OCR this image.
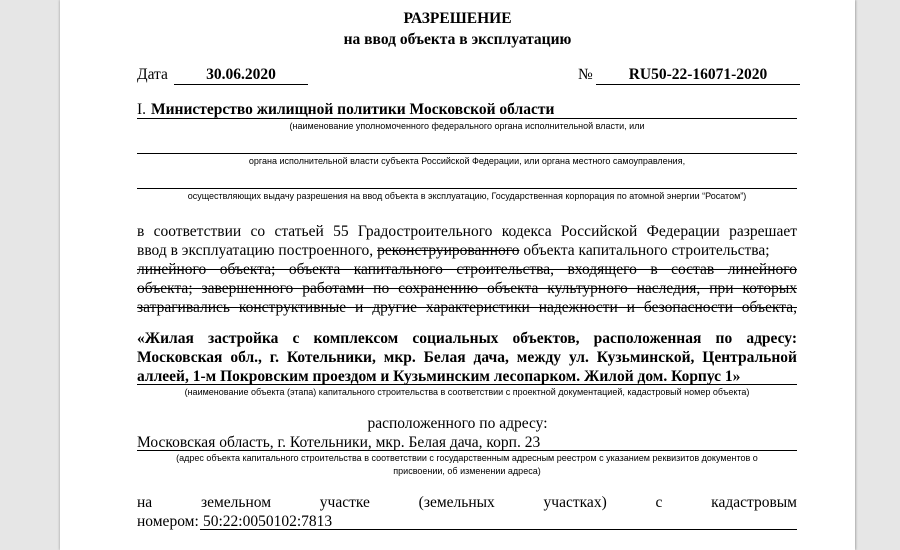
РАЗРЕШЕНИЕ
на ввод объекта в эксплуатацию
Дата	30.06.2020	№	RU50-22-16071-2020
I. Министерство жилищной политики Московской области
(наименование уполномоченного федерального органа исполнительной власти, или
органа исполнительной власти субъекта Российской Федерации, или органа местного самоуправления,
осуществляющих выдачу разрешения на ввод объекта в эксплуатацию, Государственная корпорация по атомной энергии “Росатом”)
в соответствии со статьей 55 Градостроительного кодекса Российской Федерации разрешает
ввод в эксплуатацию построенного, реконструированного объекта капитального строительства;
линейного объекта; объекта капитального строительства, входящего в состав линейного
объекта; завершенного работами по сохранению объекта культурного наследия, при которых
затрагивались конструктивные и другие характеристики надежности и безопасности объекта,
«Жилая застройка с комплексом социальных объектов, расположенная по адресу:
Московская обл., г. Котельники, мкр. Белая дача, между ул. Кузьминской, Центральной
аллеей, 1-м Покровским проездом и Кузьминским лесопарком. Жилой дом. Корпус 1»
(наименование объекта (этапа) капитального строительства в соответствии с проектной документацией, кадастровый номер объекта)
расположенного по адресу:
Московская область, г. Котельники, мкр. Белая дача, корп. 23
(адрес объекта капитального строительства в соответствии с государственным адресным реестром с указанием реквизитов документов о
присвоении, об изменении адреса)
на земельном участке (земельных участках) с кадастровым
номером: 50:22:0050102:7813
